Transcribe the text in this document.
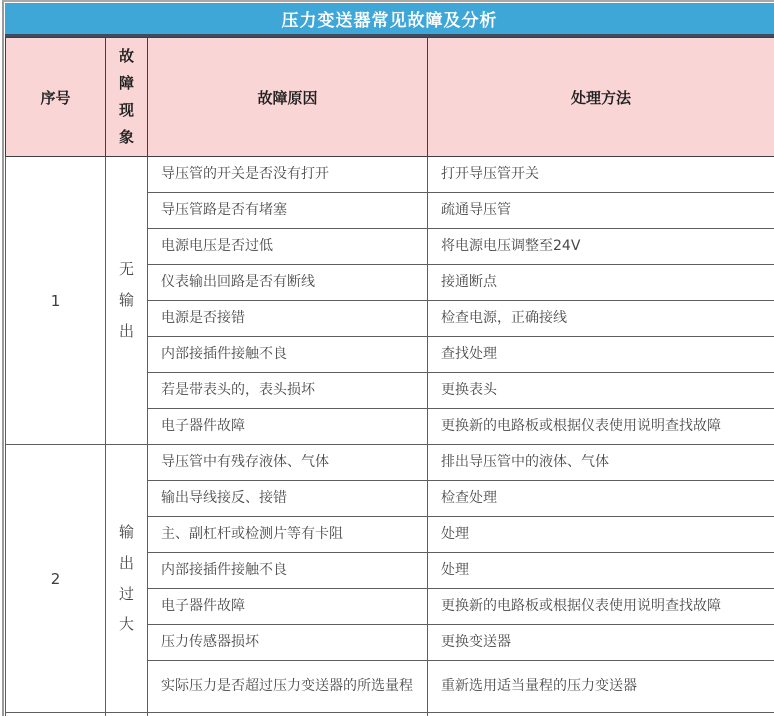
压力变送器常见故障及分析
序号	故障现象	故障原因	处理方法
1	无输出	导压管的开关是否没有打开	打开导压管开关
		导压管路是否有堵塞	疏通导压管
		电源电压是否过低	将电源电压调整至24V
		仪表输出回路是否有断线	接通断点
		电源是否接错	检查电源，正确接线
		内部接插件接触不良	查找处理
		若是带表头的，表头损坏	更换表头
		电子器件故障	更换新的电路板或根据仪表使用说明查找故障
2	输出过大	导压管中有残存液体、气体	排出导压管中的液体、气体
		输出导线接反、接错	检查处理
		主、副杠杆或检测片等有卡阻	处理
		内部接插件接触不良	处理
		电子器件故障	更换新的电路板或根据仪表使用说明查找故障
		压力传感器损坏	更换变送器
		实际压力是否超过压力变送器的所选量程	重新选用适当量程的压力变送器
